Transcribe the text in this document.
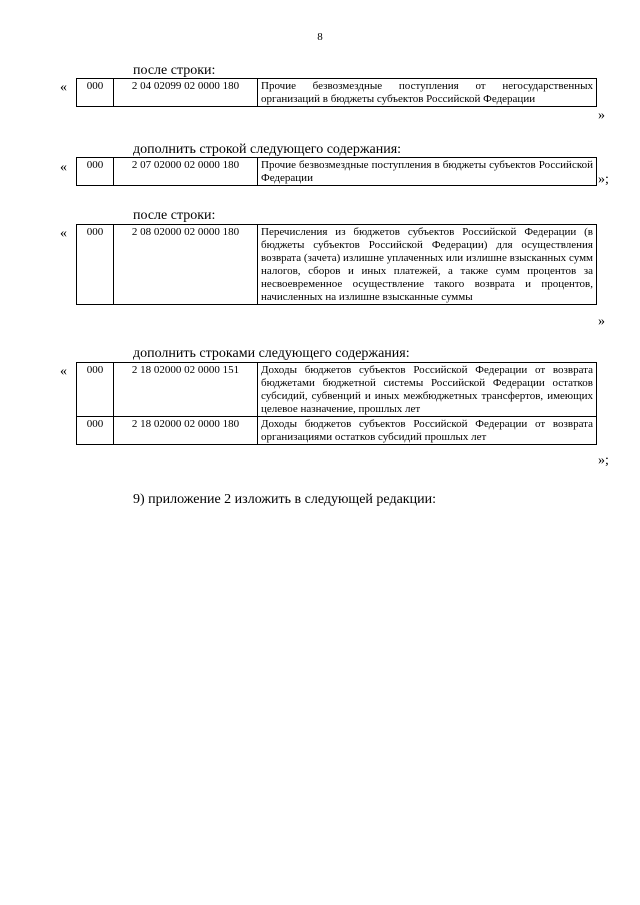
8
после строки:
« 000	2 04 02099 02 0000 180	Прочие безвозмездные поступления от негосударственных организаций в бюджеты субъектов Российской Федерации
»
дополнить строкой следующего содержания:
« 000	2 07 02000 02 0000 180	Прочие безвозмездные поступления в бюджеты субъектов Российской Федерации	»;
после строки:
« 000	2 08 02000 02 0000 180	Перечисления из бюджетов субъектов Российской Федерации (в бюджеты субъектов Российской Федерации) для осуществления возврата (зачета) излишне уплаченных или излишне взысканных сумм налогов, сборов и иных платежей, а также сумм процентов за несвоевременное осуществление такого возврата и процентов, начисленных на излишне взысканные суммы
»
дополнить строками следующего содержания:
« 000	2 18 02000 02 0000 151	Доходы бюджетов субъектов Российской Федерации от возврата бюджетами бюджетной системы Российской Федерации остатков субсидий, субвенций и иных межбюджетных трансфертов, имеющих целевое назначение, прошлых лет
000	2 18 02000 02 0000 180	Доходы бюджетов субъектов Российской Федерации от возврата организациями остатков субсидий прошлых лет
»;
9) приложение 2 изложить в следующей редакции:
